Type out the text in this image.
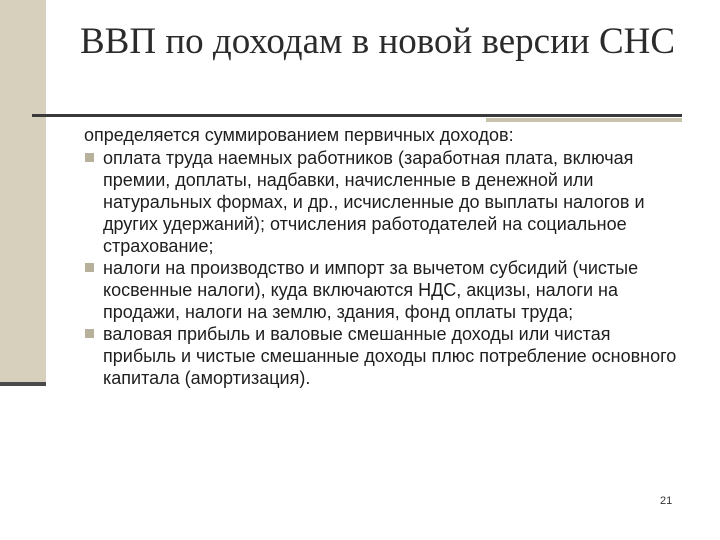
ВВП по доходам в новой версии СНС

определяется суммированием первичных доходов:

оплата труда наемных работников (заработная плата, включая премии, доплаты, надбавки, начисленные в денежной или натуральных формах, и др., исчисленные до выплаты налогов и других удержаний); отчисления работодателей на социальное страхование;
налоги на производство и импорт за вычетом субсидий (чистые косвенные налоги), куда включаются НДС, акцизы, налоги на продажи, налоги на землю, здания, фонд оплаты труда;
валовая прибыль и валовые смешанные доходы или чистая прибыль и чистые смешанные доходы плюс потребление основного капитала (амортизация).
21
